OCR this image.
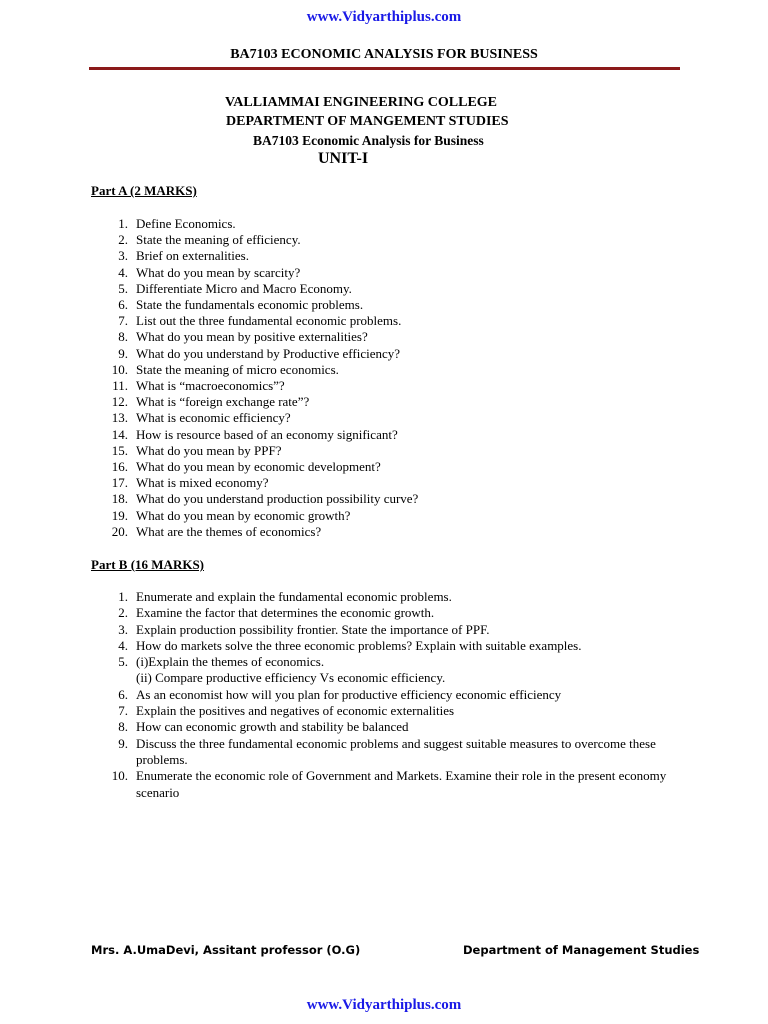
www.Vidyarthiplus.com
BA7103 ECONOMIC ANALYSIS FOR BUSINESS
VALLIAMMAI ENGINEERING COLLEGE
DEPARTMENT OF MANGEMENT STUDIES
BA7103 Economic Analysis for Business
UNIT-I
Part A (2 MARKS)
1. Define Economics.
2. State the meaning of efficiency.
3. Brief on externalities.
4. What do you mean by scarcity?
5. Differentiate Micro and Macro Economy.
6. State the fundamentals economic problems.
7. List out the three fundamental economic problems.
8. What do you mean by positive externalities?
9. What do you understand by Productive efficiency?
10. State the meaning of micro economics.
11. What is “macroeconomics”?
12. What is “foreign exchange rate”?
13. What is economic efficiency?
14. How is resource based of an economy significant?
15. What do you mean by PPF?
16. What do you mean by economic development?
17. What is mixed economy?
18. What do you understand production possibility curve?
19. What do you mean by economic growth?
20. What are the themes of economics?
Part B (16 MARKS)
1. Enumerate and explain the fundamental economic problems.
2. Examine the factor that determines the economic growth.
3. Explain production possibility frontier. State the importance of PPF.
4. How do markets solve the three economic problems? Explain with suitable examples.
5. (i)Explain the themes of economics.
(ii) Compare productive efficiency Vs economic efficiency.
6. As an economist how will you plan for productive efficiency economic efficiency
7. Explain the positives and negatives of economic externalities
8. How can economic growth and stability be balanced
9. Discuss the three fundamental economic problems and suggest suitable measures to overcome these problems.
10. Enumerate the economic role of Government and Markets. Examine their role in the present economy scenario
Mrs. A.UmaDevi, Assitant professor (O.G)	Department of Management Studies
www.Vidyarthiplus.com
